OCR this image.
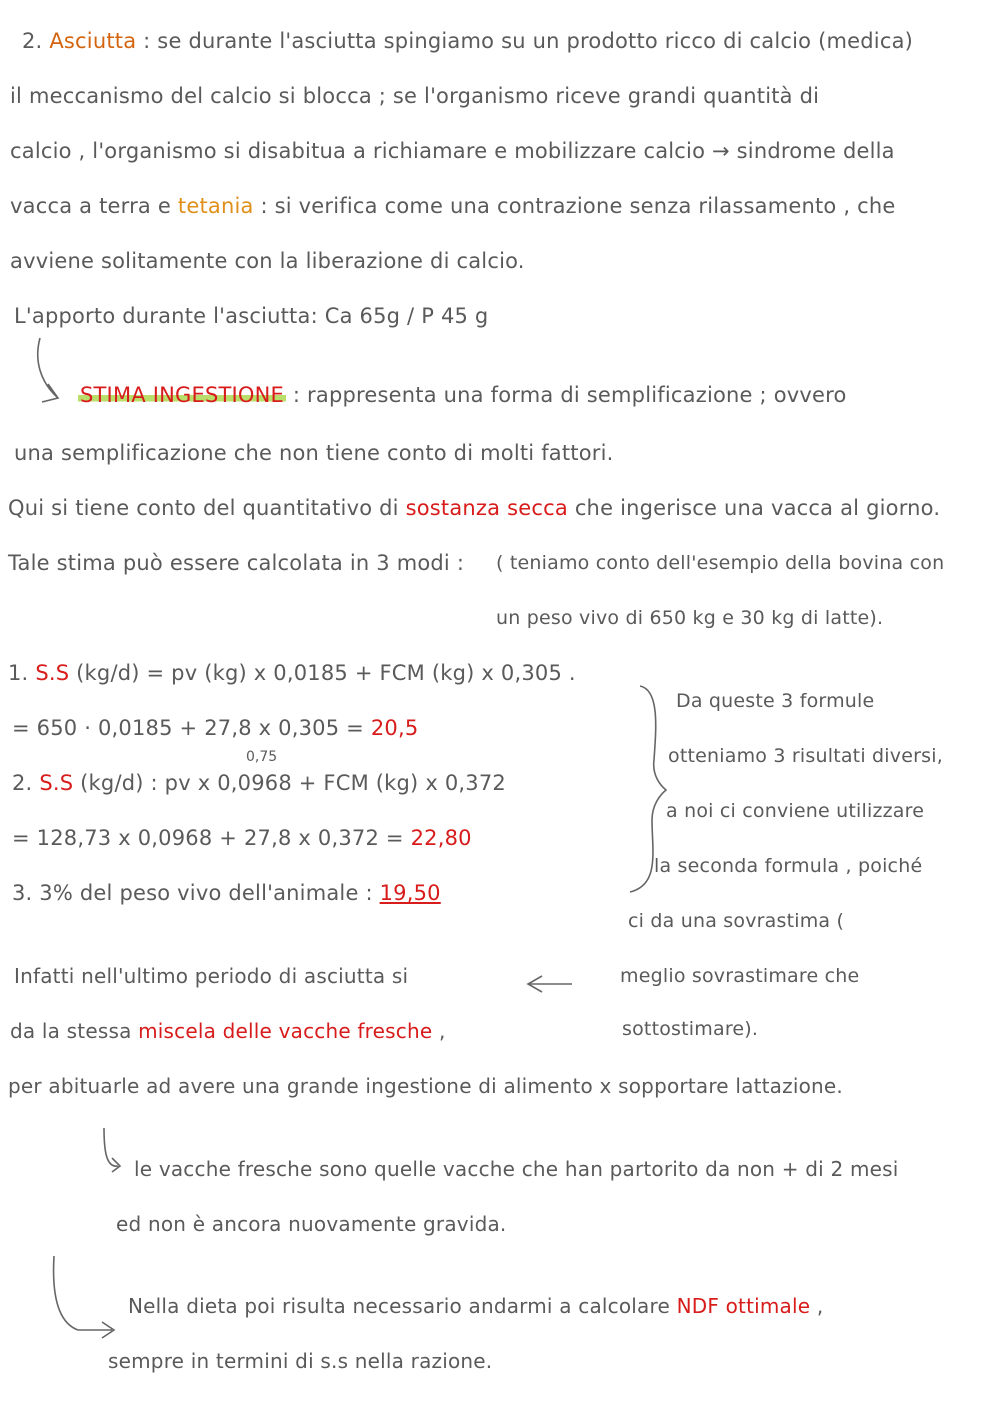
2. Asciutta : se durante l'asciutta spingiamo su un prodotto ricco di calcio (medica)
il meccanismo del calcio si blocca ; se l'organismo riceve grandi quantità di
calcio , l'organismo si disabitua a richiamare e mobilizzare calcio → sindrome della
vacca a terra e tetania : si verifica come una contrazione senza rilassamento , che
avviene solitamente con la liberazione di calcio.
L'apporto durante l'asciutta: Ca 65g / P 45 g
STIMA INGESTIONE : rappresenta una forma di semplificazione ; ovvero
una semplificazione che non tiene conto di molti fattori.
Qui si tiene conto del quantitativo di sostanza secca che ingerisce una vacca al giorno.
Tale stima può essere calcolata in 3 modi : ( teniamo conto dell'esempio della bovina con
un peso vivo di 650 kg e 30 kg di latte).
1. S.S (kg/d) = pv (kg) x 0,0185 + FCM (kg) x 0,305 .
= 650 · 0,0185 + 27,8 x 0,305 = 20,5
0,75
2. S.S (kg/d) : pv x 0,0968 + FCM (kg) x 0,372
= 128,73 x 0,0968 + 27,8 x 0,372 = 22,80
3. 3% del peso vivo dell'animale : 19,50
Da queste 3 formule
otteniamo 3 risultati diversi,
a noi ci conviene utilizzare
la seconda formula , poiché
ci da una sovrastima (
meglio sovrastimare che
sottostimare).
Infatti nell'ultimo periodo di asciutta si
da la stessa miscela delle vacche fresche ,
per abituarle ad avere una grande ingestione di alimento x sopportare lattazione.
le vacche fresche sono quelle vacche che han partorito da non + di 2 mesi
ed non è ancora nuovamente gravida.
Nella dieta poi risulta necessario andarmi a calcolare NDF ottimale ,
sempre in termini di s.s nella razione.
